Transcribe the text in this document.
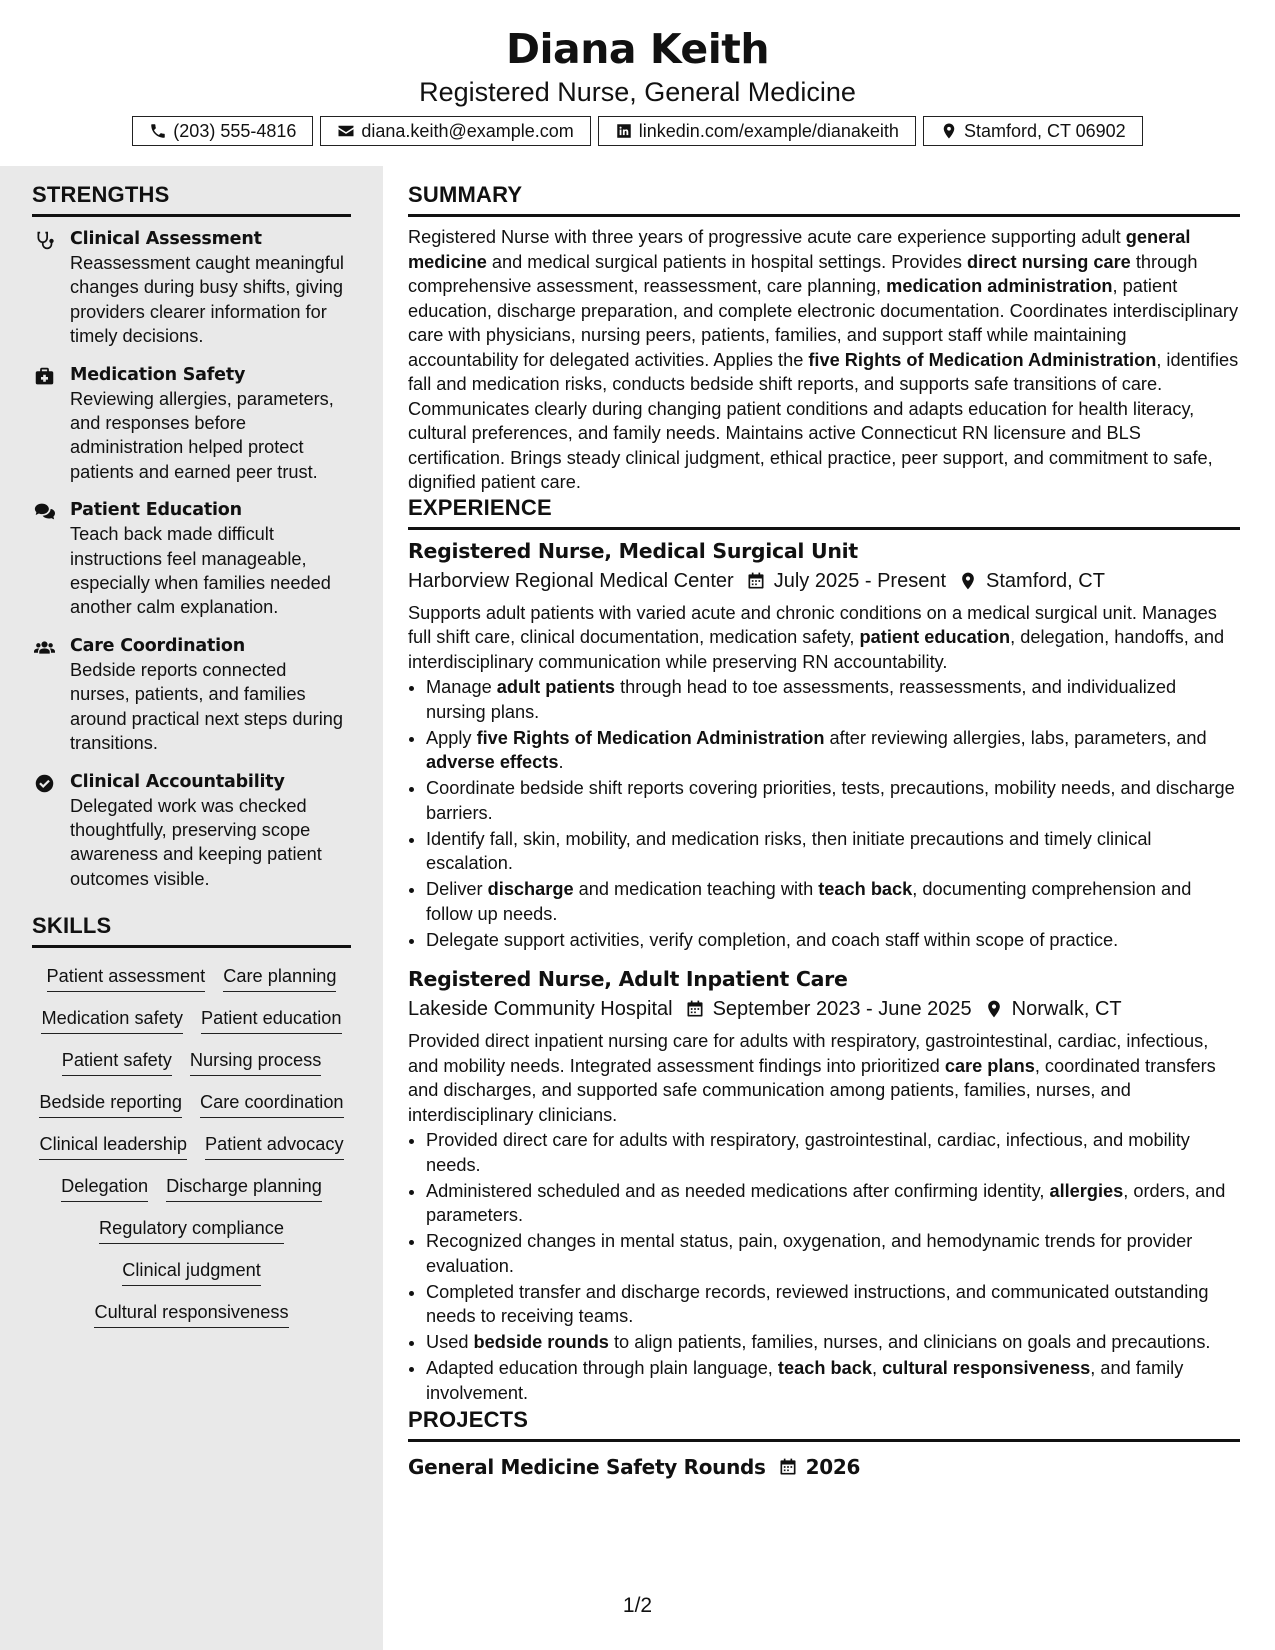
Diana Keith
Registered Nurse, General Medicine
(203) 555-4816	diana.keith@example.com	linkedin.com/example/dianakeith	Stamford, CT 06902
STRENGTHS
Clinical Assessment
Reassessment caught meaningful changes during busy shifts, giving providers clearer information for timely decisions.
Medication Safety
Reviewing allergies, parameters, and responses before administration helped protect patients and earned peer trust.
Patient Education
Teach back made difficult instructions feel manageable, especially when families needed another calm explanation.
Care Coordination
Bedside reports connected nurses, patients, and families around practical next steps during transitions.
Clinical Accountability
Delegated work was checked thoughtfully, preserving scope awareness and keeping patient outcomes visible.
SKILLS
Patient assessment Care planning
Medication safety Patient education
Patient safety Nursing process
Bedside reporting Care coordination
Clinical leadership Patient advocacy
Delegation Discharge planning
Regulatory compliance
Clinical judgment
Cultural responsiveness
SUMMARY

Registered Nurse with three years of progressive acute care experience supporting adult general medicine and medical surgical patients in hospital settings. Provides direct nursing care through comprehensive assessment, reassessment, care planning, medication administration, patient education, discharge preparation, and complete electronic documentation. Coordinates interdisciplinary care with physicians, nursing peers, patients, families, and support staff while maintaining accountability for delegated activities. Applies the five Rights of Medication Administration, identifies fall and medication risks, conducts bedside shift reports, and supports safe transitions of care. Communicates clearly during changing patient conditions and adapts education for health literacy, cultural preferences, and family needs. Maintains active Connecticut RN licensure and BLS certification. Brings steady clinical judgment, ethical practice, peer support, and commitment to safe, dignified patient care.

EXPERIENCE
Registered Nurse, Medical Surgical Unit
Harborview Regional Medical Center July 2025 - Present Stamford, CT

Supports adult patients with varied acute and chronic conditions on a medical surgical unit. Manages full shift care, clinical documentation, medication safety, patient education, delegation, handoffs, and interdisciplinary communication while preserving RN accountability.

• Manage adult patients through head to toe assessments, reassessments, and individualized nursing plans.
• Apply five Rights of Medication Administration after reviewing allergies, labs, parameters, and adverse effects.
• Coordinate bedside shift reports covering priorities, tests, precautions, mobility needs, and discharge barriers.
• Identify fall, skin, mobility, and medication risks, then initiate precautions and timely clinical escalation.
• Deliver discharge and medication teaching with teach back, documenting comprehension and follow up needs.
• Delegate support activities, verify completion, and coach staff within scope of practice.
Registered Nurse, Adult Inpatient Care
Lakeside Community Hospital September 2023 - June 2025 Norwalk, CT

Provided direct inpatient nursing care for adults with respiratory, gastrointestinal, cardiac, infectious, and mobility needs. Integrated assessment findings into prioritized care plans, coordinated transfers and discharges, and supported safe communication among patients, families, nurses, and interdisciplinary clinicians.

• Provided direct care for adults with respiratory, gastrointestinal, cardiac, infectious, and mobility needs.
• Administered scheduled and as needed medications after confirming identity, allergies, orders, and parameters.
• Recognized changes in mental status, pain, oxygenation, and hemodynamic trends for provider evaluation.
• Completed transfer and discharge records, reviewed instructions, and communicated outstanding needs to receiving teams.
• Used bedside rounds to align patients, families, nurses, and clinicians on goals and precautions.
• Adapted education through plain language, teach back, cultural responsiveness, and family involvement.
PROJECTS
General Medicine Safety Rounds 2026
1/2
